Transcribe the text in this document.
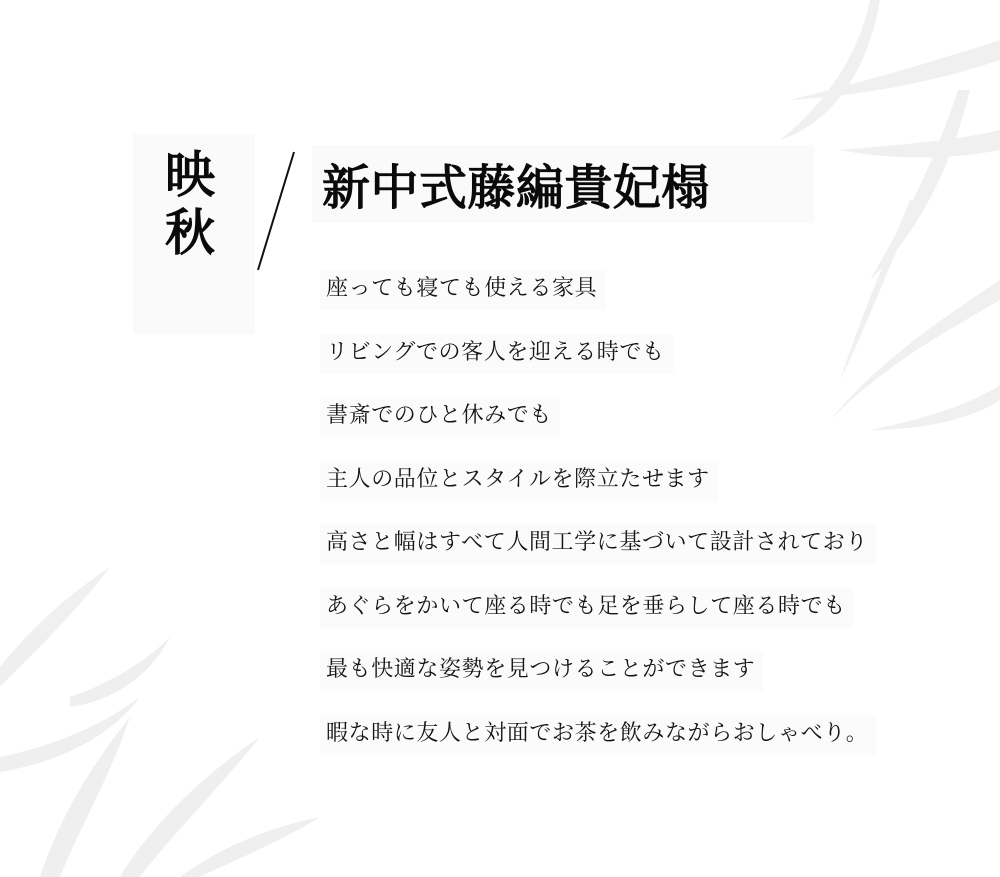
映秋
新中式藤編貴妃榻
座っても寝ても使える家具
リビングでの客人を迎える時でも
書斎でのひと休みでも
主人の品位とスタイルを際立たせます
高さと幅はすべて人間工学に基づいて設計されており
あぐらをかいて座る時でも足を垂らして座る時でも
最も快適な姿勢を見つけることができます
暇な時に友人と対面でお茶を飲みながらおしゃべり。
